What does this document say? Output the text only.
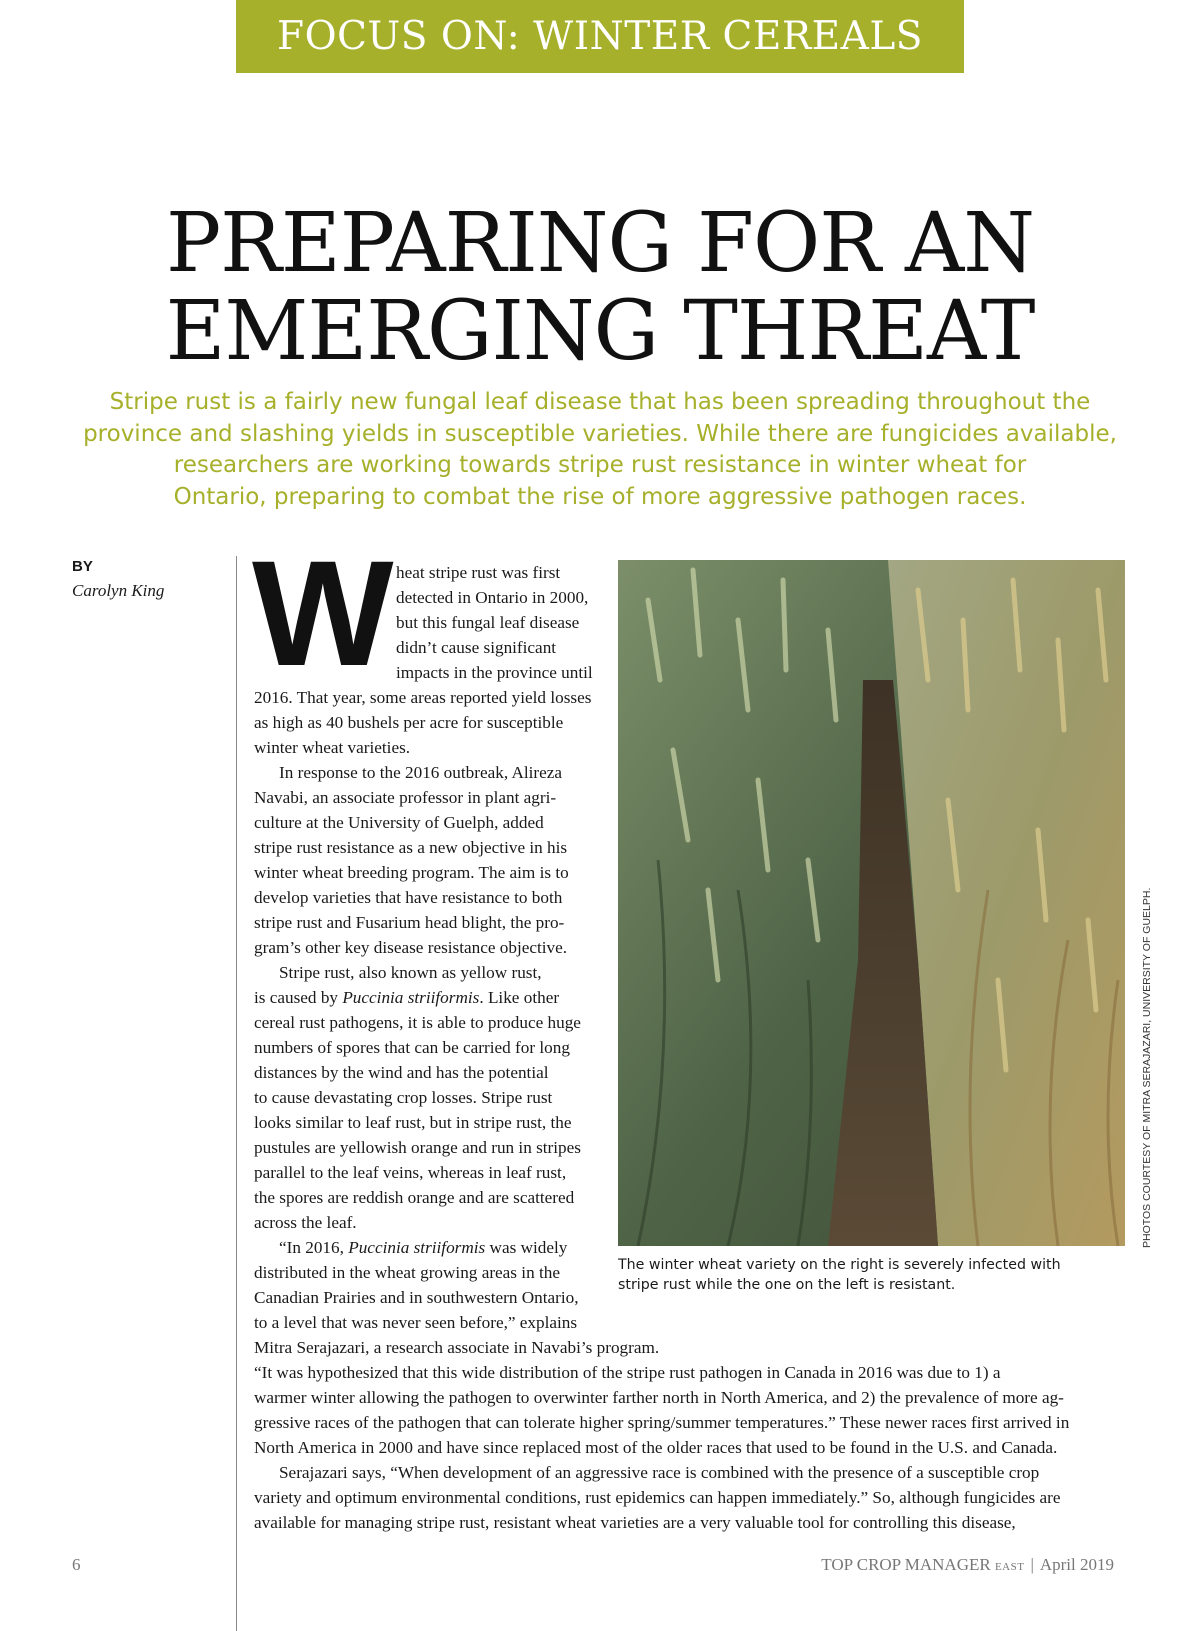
FOCUS ON: WINTER CEREALS
PREPARING FOR AN
EMERGING THREAT
Stripe rust is a fairly new fungal leaf disease that has been spreading throughout the
province and slashing yields in susceptible varieties. While there are fungicides available,
researchers are working towards stripe rust resistance in winter wheat for
Ontario, preparing to combat the rise of more aggressive pathogen races.
BY
Carolyn King W heat stripe rust was first
detected in Ontario in 2000,
but this fungal leaf disease
didn’t cause significant
impacts in the province until
2016. That year, some areas reported yield losses
as high as 40 bushels per acre for susceptible
winter wheat varieties.
In response to the 2016 outbreak, Alireza
Navabi, an associate professor in plant agri-
culture at the University of Guelph, added
stripe rust resistance as a new objective in his
winter wheat breeding program. The aim is to
develop varieties that have resistance to both
stripe rust and Fusarium head blight, the pro-
gram’s other key disease resistance objective.
Stripe rust, also known as yellow rust,
is caused by Puccinia striiformis. Like other
cereal rust pathogens, it is able to produce huge
numbers of spores that can be carried for long
distances by the wind and has the potential
to cause devastating crop losses. Stripe rust
looks similar to leaf rust, but in stripe rust, the
pustules are yellowish orange and run in stripes
parallel to the leaf veins, whereas in leaf rust,
the spores are reddish orange and are scattered
across the leaf.
“In 2016, Puccinia striiformis was widely
distributed in the wheat growing areas in the
Canadian Prairies and in southwestern Ontario,
to a level that was never seen before,” explains
Mitra Serajazari, a research associate in Navabi’s program.
“It was hypothesized that this wide distribution of the stripe rust pathogen in Canada in 2016 was due to 1) a
warmer winter allowing the pathogen to overwinter farther north in North America, and 2) the prevalence of more ag-
gressive races of the pathogen that can tolerate higher spring/summer temperatures.” These newer races first arrived in
North America in 2000 and have since replaced most of the older races that used to be found in the U.S. and Canada.
Serajazari says, “When development of an aggressive race is combined with the presence of a susceptible crop
variety and optimum environmental conditions, rust epidemics can happen immediately.” So, although fungicides are
available for managing stripe rust, resistant wheat varieties are a very valuable tool for controlling this disease,
The winter wheat variety on the right is severely infected with
stripe rust while the one on the left is resistant.
PHOTOS COURTESY OF MITRA SERAJAZARI, UNIVERSITY OF GUELPH.
6	TOP CROP MANAGER EAST | April 2019
